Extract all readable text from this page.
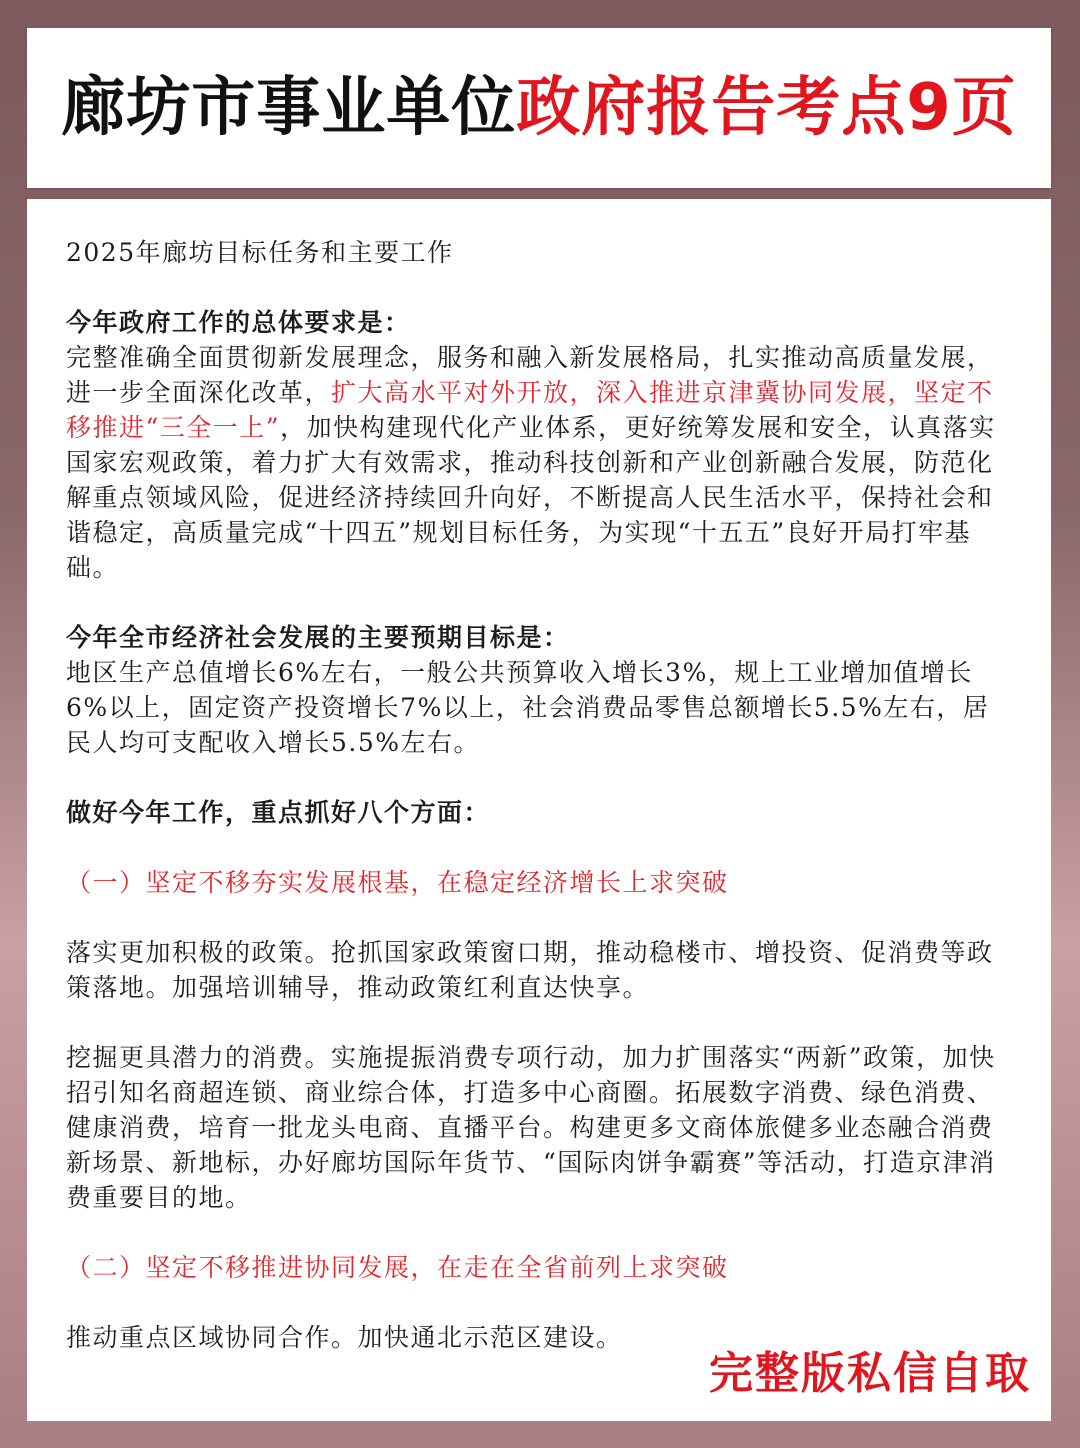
廊坊市事业单位政府报告考点9页

2025年廊坊目标任务和主要工作

今年政府工作的总体要求是：

完整准确全面贯彻新发展理念，服务和融入新发展格局，扎实推动高质量发展，进一步全面深化改革，扩大高水平对外开放，深入推进京津冀协同发展，坚定不移推进“三全一上”，加快构建现代化产业体系，更好统筹发展和安全，认真落实国家宏观政策，着力扩大有效需求，推动科技创新和产业创新融合发展，防范化解重点领域风险，促进经济持续回升向好，不断提高人民生活水平，保持社会和谐稳定，高质量完成“十四五”规划目标任务，为实现“十五五”良好开局打牢基础。

今年全市经济社会发展的主要预期目标是：

地区生产总值增长6%左右，一般公共预算收入增长3%，规上工业增加值增长6%以上，固定资产投资增长7%以上，社会消费品零售总额增长5.5%左右，居民人均可支配收入增长5.5%左右。

做好今年工作，重点抓好八个方面：

（一）坚定不移夯实发展根基，在稳定经济增长上求突破

落实更加积极的政策。抢抓国家政策窗口期，推动稳楼市、增投资、促消费等政策落地。加强培训辅导，推动政策红利直达快享。

挖掘更具潜力的消费。实施提振消费专项行动，加力扩围落实“两新”政策，加快招引知名商超连锁、商业综合体，打造多中心商圈。拓展数字消费、绿色消费、健康消费，培育一批龙头电商、直播平台。构建更多文商体旅健多业态融合消费新场景、新地标，办好廊坊国际年货节、“国际肉饼争霸赛”等活动，打造京津消费重要目的地。

（二）坚定不移推进协同发展，在走在全省前列上求突破

推动重点区域协同合作。加快通北示范区建设。

完整版私信自取
